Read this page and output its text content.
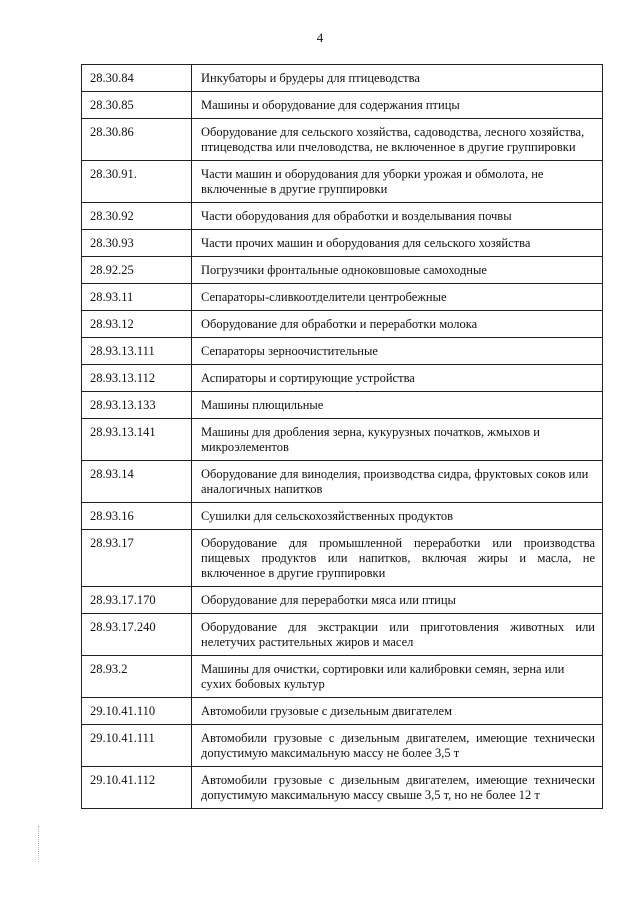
4
28.30.84	Инкубаторы и брудеры для птицеводства
28.30.85	Машины и оборудование для содержания птицы
28.30.86	Оборудование для сельского хозяйства, садоводства, лесного хозяйства, птицеводства или пчеловодства, не включенное в другие группировки
28.30.91.	Части машин и оборудования для уборки урожая и обмолота, не включенные в другие группировки
28.30.92	Части оборудования для обработки и возделывания почвы
28.30.93	Части прочих машин и оборудования для сельского хозяйства
28.92.25	Погрузчики фронтальные одноковшовые самоходные
28.93.11	Сепараторы-сливкоотделители центробежные
28.93.12	Оборудование для обработки и переработки молока
28.93.13.111	Сепараторы зерноочистительные
28.93.13.112	Аспираторы и сортирующие устройства
28.93.13.133	Машины плющильные
28.93.13.141	Машины для дробления зерна, кукурузных початков, жмыхов и микроэлементов
28.93.14	Оборудование для виноделия, производства сидра, фруктовых соков или аналогичных напитков
28.93.16	Сушилки для сельскохозяйственных продуктов
28.93.17	Оборудование для промышленной переработки или производства пищевых продуктов или напитков, включая жиры и масла, не включенное в другие группировки
28.93.17.170	Оборудование для переработки мяса или птицы
28.93.17.240	Оборудование для экстракции или приготовления животных или нелетучих растительных жиров и масел
28.93.2	Машины для очистки, сортировки или калибровки семян, зерна или сухих бобовых культур
29.10.41.110	Автомобили грузовые с дизельным двигателем
29.10.41.111	Автомобили грузовые с дизельным двигателем, имеющие технически допустимую максимальную массу не более 3,5 т
29.10.41.112	Автомобили грузовые с дизельным двигателем, имеющие технически допустимую максимальную массу свыше 3,5 т, но не более 12 т
